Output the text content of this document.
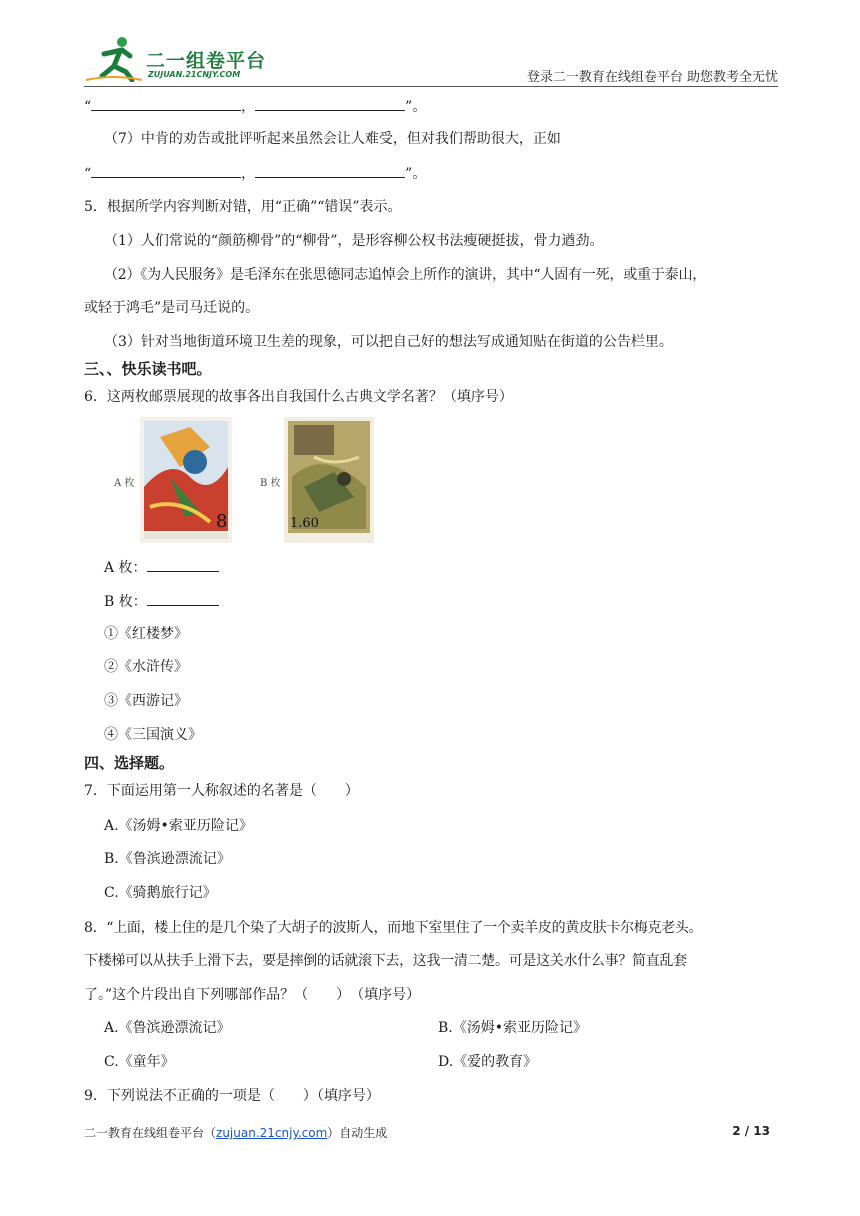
二一组卷平台
ZUJUAN.21CNJY.COM	登录二一教育在线组卷平台 助您教考全无忧
“	，	”。
（7）中肯的劝告或批评听起来虽然会让人难受，但对我们帮助很大，正如
“	，	”。
5．根据所学内容判断对错，用“正确”“错误”表示。
（1）人们常说的“颜筋柳骨”的“柳骨”，是形容柳公权书法瘦硬挺拔，骨力遒劲。
（2）《为人民服务》是毛泽东在张思德同志追悼会上所作的演讲，其中“人固有一死，或重于泰山，
或轻于鸿毛”是司马迁说的。
（3）针对当地街道环境卫生差的现象，可以把自己好的想法写成通知贴在街道的公告栏里。
三、、快乐读书吧。
6．这两枚邮票展现的故事各出自我国什么古典文学名著？（填序号）
A 枚
8
B 枚
1.60
A 枚：
B 枚：
①《红楼梦》
②《水浒传》
③《西游记》
④《三国演义》
四、选择题。
7．下面运用第一人称叙述的名著是（　　）
A.《汤姆•索亚历险记》
B.《鲁滨逊漂流记》
C.《骑鹅旅行记》
8．“上面，楼上住的是几个染了大胡子的波斯人，而地下室里住了一个卖羊皮的黄皮肤卡尔梅克老头。
下楼梯可以从扶手上滑下去，要是摔倒的话就滚下去，这我一清二楚。可是这关水什么事？简直乱套
了。”这个片段出自下列哪部作品？（　　）　（填序号）
A.《鲁滨逊漂流记》	B.《汤姆•索亚历险记》
C.《童年》	D.《爱的教育》
9．下列说法不正确的一项是（　　）（填序号）
二一教育在线组卷平台（zujuan.21cnjy.com）自动生成	2 / 13
